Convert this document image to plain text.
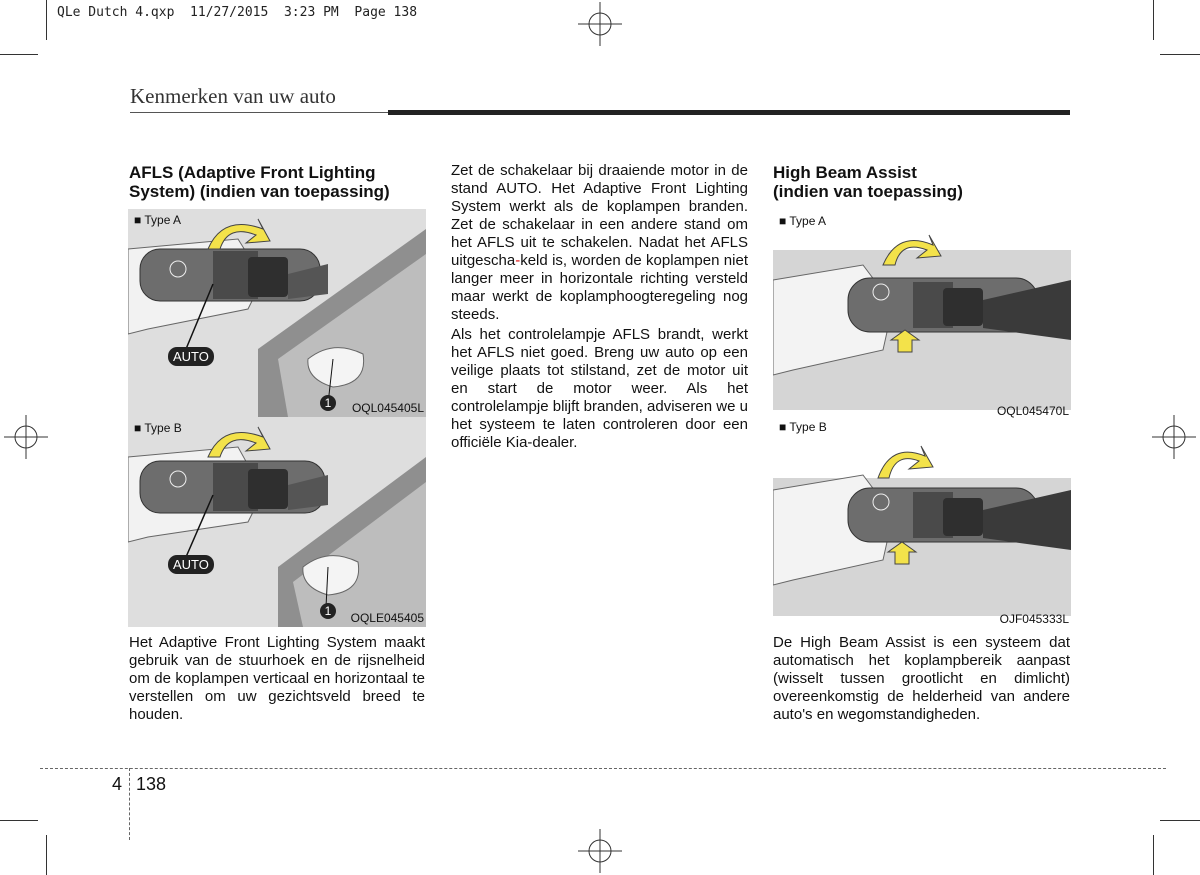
QLe Dutch 4.qxp  11/27/2015  3:23 PM  Page 138
Kenmerken van uw auto
AFLS (Adaptive Front Lighting
System) (indien van toepassing)
■ Type A
AUTO
1	OQL045405L
■ Type B
AUTO
1	OQLE045405
Het Adaptive Front Lighting System maakt gebruik van de stuurhoek en de rijsnelheid om de koplampen verticaal en horizontaal te verstellen om uw gezichtsveld breed te houden.

Zet de schakelaar bij draaiende motor in de stand AUTO. Het Adaptive Front Lighting System werkt als de koplampen branden. Zet de schakelaar in een andere stand om het AFLS uit te schakelen. Nadat het AFLS uitgescha-keld is, worden de koplampen niet langer meer in horizontale richting versteld maar werkt de koplamphoogteregeling nog steeds.

Als het controlelampje AFLS brandt, werkt het AFLS niet goed. Breng uw auto op een veilige plaats tot stilstand, zet de motor uit en start de motor weer. Als het controlelampje blijft branden, adviseren we u het systeem te laten controleren door een officiële Kia-dealer.

High Beam Assist
(indien van toepassing)
■ Type A
OQL045470L
■ Type B
OJF045333L
De High Beam Assist is een systeem dat automatisch het koplampbereik aanpast (wisselt tussen grootlicht en dimlicht) overeenkomstig de helderheid van andere auto's en wegomstandigheden.
4 138
